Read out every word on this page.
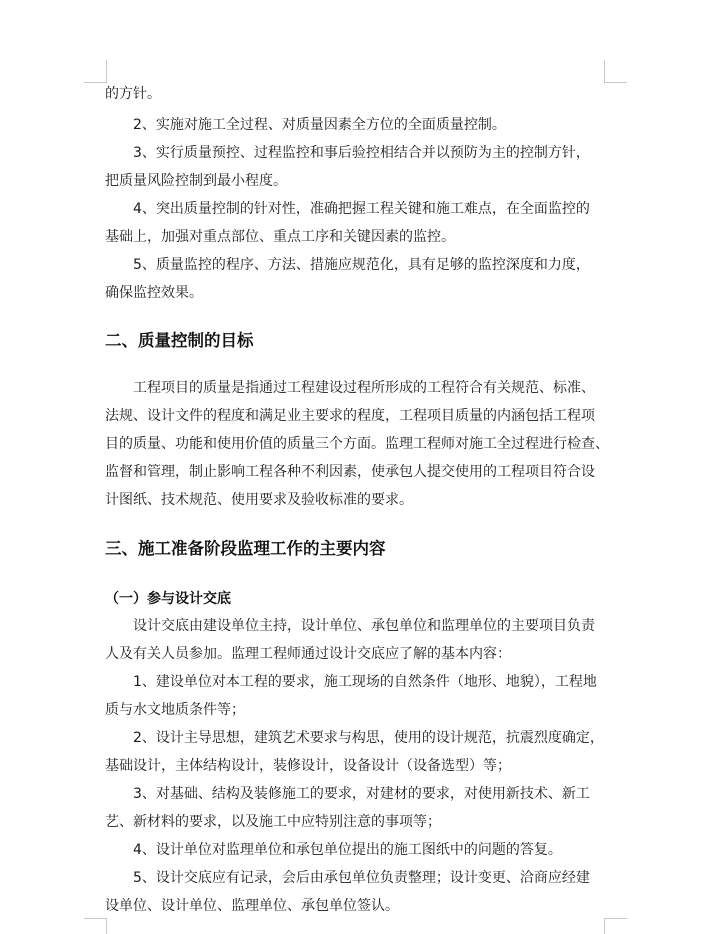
的方针。
2、实施对施工全过程、对质量因素全方位的全面质量控制。
3、实行质量预控、过程监控和事后验控相结合并以预防为主的控制方针，
把质量风险控制到最小程度。
4、突出质量控制的针对性，准确把握工程关键和施工难点，在全面监控的
基础上，加强对重点部位、重点工序和关键因素的监控。
5、质量监控的程序、方法、措施应规范化，具有足够的监控深度和力度，
确保监控效果。
二、质量控制的目标
工程项目的质量是指通过工程建设过程所形成的工程符合有关规范、标准、
法规、设计文件的程度和满足业主要求的程度，工程项目质量的内涵包括工程项
目的质量、功能和使用价值的质量三个方面。监理工程师对施工全过程进行检查、
监督和管理，制止影响工程各种不利因素，使承包人提交使用的工程项目符合设
计图纸、技术规范、使用要求及验收标准的要求。
三、施工准备阶段监理工作的主要内容
（一）参与设计交底
设计交底由建设单位主持，设计单位、承包单位和监理单位的主要项目负责
人及有关人员参加。监理工程师通过设计交底应了解的基本内容：
1、建设单位对本工程的要求，施工现场的自然条件（地形、地貌），工程地
质与水文地质条件等；
2、设计主导思想，建筑艺术要求与构思，使用的设计规范，抗震烈度确定，
基础设计，主体结构设计，装修设计，设备设计（设备选型）等；
3、对基础、结构及装修施工的要求，对建材的要求，对使用新技术、新工
艺、新材料的要求，以及施工中应特别注意的事项等；
4、设计单位对监理单位和承包单位提出的施工图纸中的问题的答复。
5、设计交底应有记录，会后由承包单位负责整理；设计变更、洽商应经建
设单位、设计单位、监理单位、承包单位签认。
